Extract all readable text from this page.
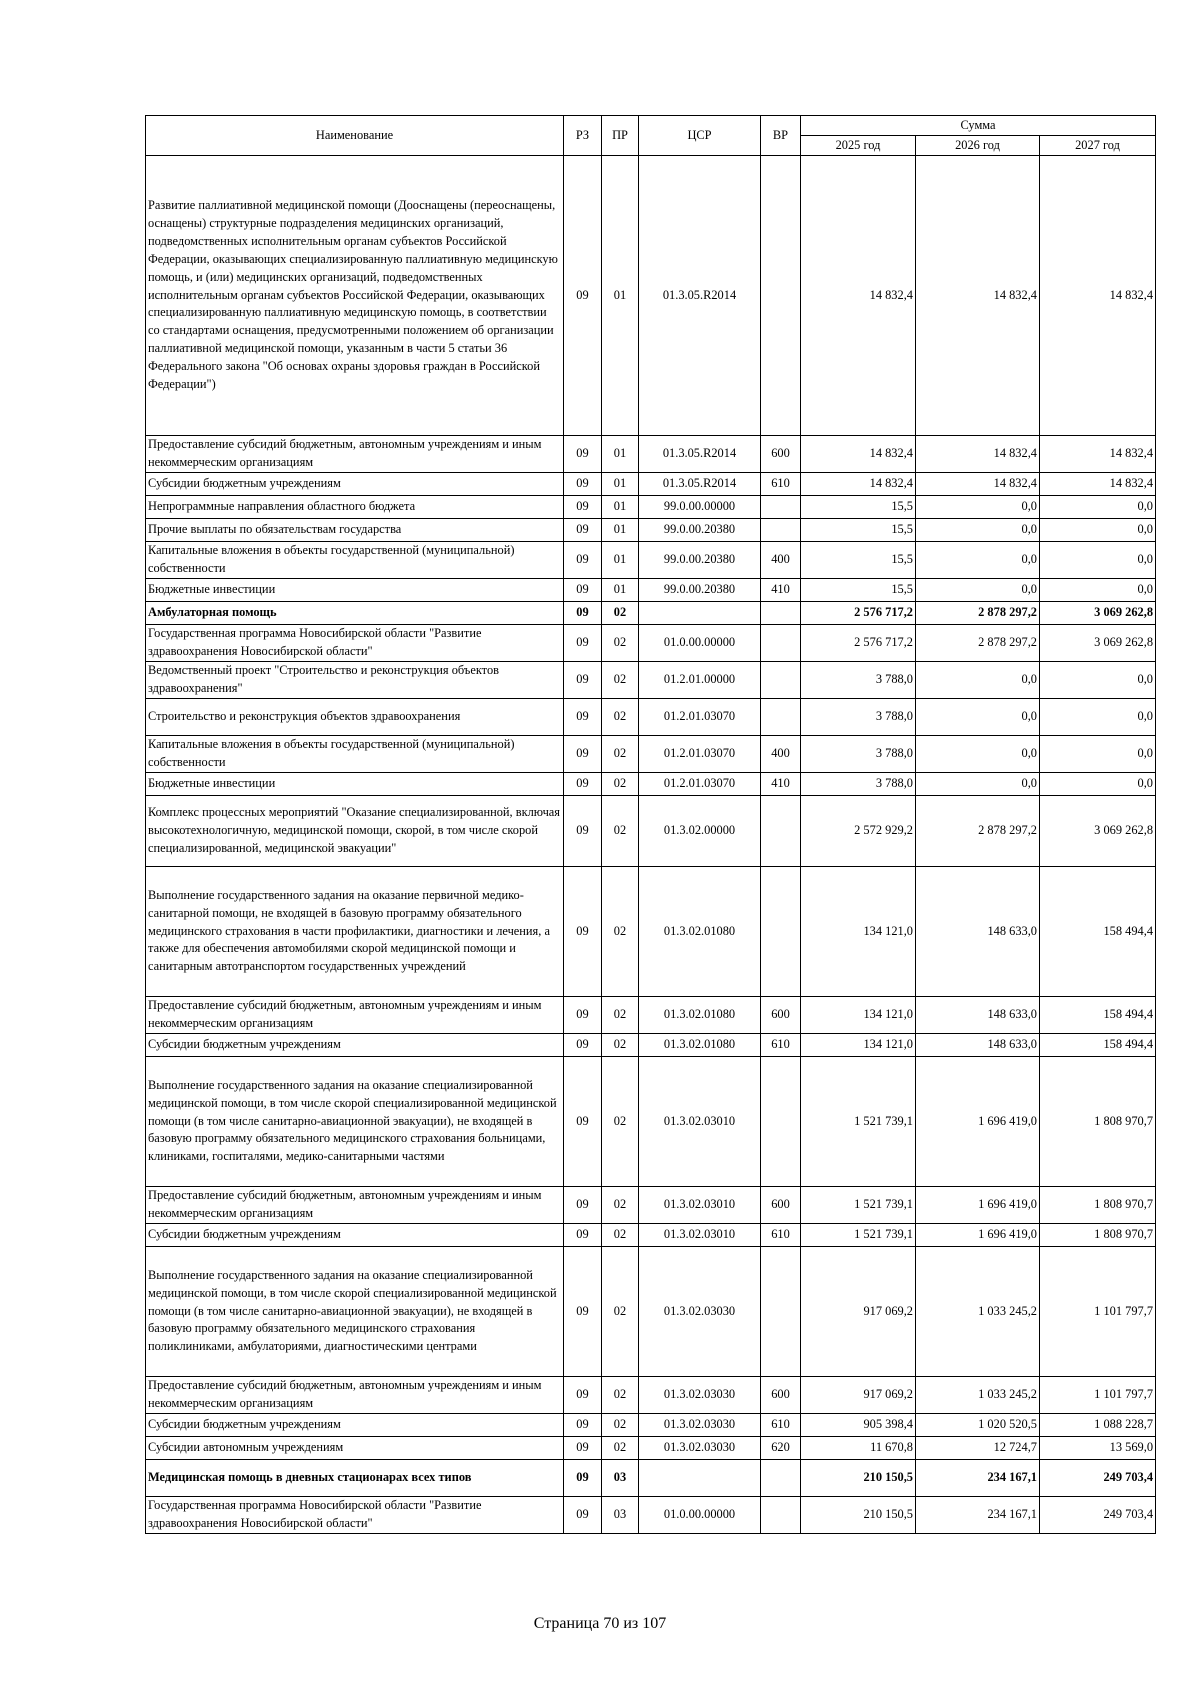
Наименование	РЗ	ПР	ЦСР	ВР	Сумма		
					2025 год	2026 год	2027 год
Развитие паллиативной медицинской помощи (Дооснащены (переоснащены, оснащены) структурные подразделения медицинских организаций, подведомственных исполнительным органам субъектов Российской Федерации, оказывающих специализированную паллиативную медицинскую помощь, и (или) медицинских организаций, подведомственных исполнительным органам субъектов Российской Федерации, оказывающих специализированную паллиативную медицинскую помощь, в соответствии со стандартами оснащения, предусмотренными положением об организации паллиативной медицинской помощи, указанным в части 5 статьи 36 Федерального закона "Об основах охраны здоровья граждан в Российской Федерации")	09	01	01.3.05.R2014		14 832,4	14 832,4	14 832,4
Предоставление субсидий бюджетным, автономным учреждениям и иным некоммерческим организациям	09	01	01.3.05.R2014	600	14 832,4	14 832,4	14 832,4
Субсидии бюджетным учреждениям	09	01	01.3.05.R2014	610	14 832,4	14 832,4	14 832,4
Непрограммные направления областного бюджета	09	01	99.0.00.00000		15,5	0,0	0,0
Прочие выплаты по обязательствам государства	09	01	99.0.00.20380		15,5	0,0	0,0
Капитальные вложения в объекты государственной (муниципальной) собственности	09	01	99.0.00.20380	400	15,5	0,0	0,0
Бюджетные инвестиции	09	01	99.0.00.20380	410	15,5	0,0	0,0
Амбулаторная помощь	09	02			2 576 717,2	2 878 297,2	3 069 262,8
Государственная программа Новосибирской области "Развитие здравоохранения Новосибирской области"	09	02	01.0.00.00000		2 576 717,2	2 878 297,2	3 069 262,8
Ведомственный проект "Строительство и реконструкция объектов здравоохранения"	09	02	01.2.01.00000		3 788,0	0,0	0,0
Строительство и реконструкция объектов здравоохранения	09	02	01.2.01.03070		3 788,0	0,0	0,0
Капитальные вложения в объекты государственной (муниципальной) собственности	09	02	01.2.01.03070	400	3 788,0	0,0	0,0
Бюджетные инвестиции	09	02	01.2.01.03070	410	3 788,0	0,0	0,0
Комплекс процессных мероприятий "Оказание специализированной, включая высокотехнологичную, медицинской помощи, скорой, в том числе скорой специализированной, медицинской эвакуации"	09	02	01.3.02.00000		2 572 929,2	2 878 297,2	3 069 262,8
Выполнение государственного задания на оказание первичной медико-санитарной помощи, не входящей в базовую программу обязательного медицинского страхования в части профилактики, диагностики и лечения, а также для обеспечения автомобилями скорой медицинской помощи и санитарным автотранспортом государственных учреждений	09	02	01.3.02.01080		134 121,0	148 633,0	158 494,4
Предоставление субсидий бюджетным, автономным учреждениям и иным некоммерческим организациям	09	02	01.3.02.01080	600	134 121,0	148 633,0	158 494,4
Субсидии бюджетным учреждениям	09	02	01.3.02.01080	610	134 121,0	148 633,0	158 494,4
Выполнение государственного задания на оказание специализированной медицинской помощи, в том числе скорой специализированной медицинской помощи (в том числе санитарно-авиационной эвакуации), не входящей в базовую программу обязательного медицинского страхования больницами, клиниками, госпиталями, медико-санитарными частями	09	02	01.3.02.03010		1 521 739,1	1 696 419,0	1 808 970,7
Предоставление субсидий бюджетным, автономным учреждениям и иным некоммерческим организациям	09	02	01.3.02.03010	600	1 521 739,1	1 696 419,0	1 808 970,7
Субсидии бюджетным учреждениям	09	02	01.3.02.03010	610	1 521 739,1	1 696 419,0	1 808 970,7
Выполнение государственного задания на оказание специализированной медицинской помощи, в том числе скорой специализированной медицинской помощи (в том числе санитарно-авиационной эвакуации), не входящей в базовую программу обязательного медицинского страхования поликлиниками, амбулаториями, диагностическими центрами	09	02	01.3.02.03030		917 069,2	1 033 245,2	1 101 797,7
Предоставление субсидий бюджетным, автономным учреждениям и иным некоммерческим организациям	09	02	01.3.02.03030	600	917 069,2	1 033 245,2	1 101 797,7
Субсидии бюджетным учреждениям	09	02	01.3.02.03030	610	905 398,4	1 020 520,5	1 088 228,7
Субсидии автономным учреждениям	09	02	01.3.02.03030	620	11 670,8	12 724,7	13 569,0
Медицинская помощь в дневных стационарах всех типов	09	03			210 150,5	234 167,1	249 703,4
Государственная программа Новосибирской области "Развитие здравоохранения Новосибирской области"	09	03	01.0.00.00000		210 150,5	234 167,1	249 703,4
Страница 70 из 107
